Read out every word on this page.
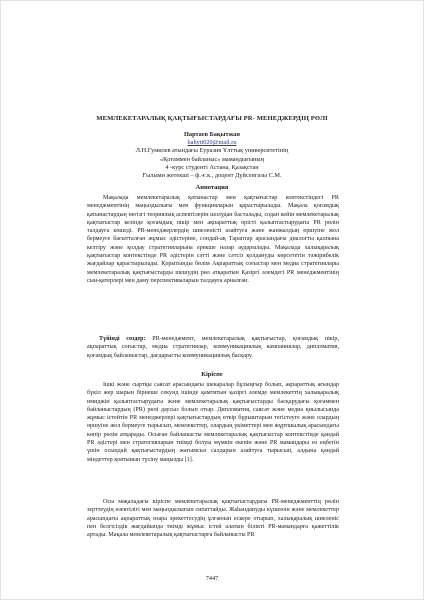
МЕМЛЕКЕТАРАЛЫҚ ҚАҚТЫҒЫСТАРДАҒЫ PR- МЕНЕДЖЕРДІҢ РӨЛІ
Нартаев Бақытжан
bahytt020@mail.ru
Л.Н.Гумилев атындағы Еуразия Ұлттық университетінің
«Қоғаммен байланыс» мамандығының
4 -курс студенті Астана, Қазақстан
Ғылыми жетекші – ф.-ғ.к., доцент Дүйсенгазы С.М.
Аннотация

Мақалада мемлекетаралық қатынастар мен қақтығыстар контекстіндегі PR менеджментінің маңыздылығы мен функцияларын қарастырылады. Мақала қоғамдық қатынастардың негізгі теориялық аспектілерін шолудан басталады, содан кейін мемлекетаралық қақтығыстар кезінде қоғамдық пікір мен ақпараттық өрісті қалыптастырудағы PR рөлін талдауға көшеді. PR-менеджерлердің шиеленісті азайтуға және жанжалдың өршуіне жол бермеуге бағытталған жұмыс әдістеріне, сондай-ақ Тараптар арасындағы диалогты қалпына келтіру және қолдау стратегияларына ерекше назар аударылады. Мақалада халықаралық қақтығыстар контекстінде PR әдістерін сәтті және сәтсіз қолдануды көрсететін тәжірибелік жағдайлар қарастырылады. Қорытынды бөлім Ақпараттық соғыстар мен медиа стратегиялары мемлекетаралық қақтығыстарды шешудің рөл атқаратын Қазіргі әлемдегі PR менеджментінің сын-қатерлері мен даму перспективаларын талдауға арналған.

Түйінді сөздер: PR-менеджмент, мемлекетаралық қақтығыстар, қоғамдық пікір, ақпараттық соғыстар, медиа стратегиялар, коммуникациялық кампаниялар, дипломатия, қоғамдық байланыстар, дағдарысты коммуникациялық басқару.

Кіріспе

Ішкі және сыртқы саясат арасындағы шекаралар бұлыңғыр болып, ақпараттық ағындар бүкіл жер шарын бірнеше секунд ішінде қамтитын қазіргі әлемде мемлекеттің халықаралық имиджін қалыптастырудағы және мемлекетаралық қақтығыстарды басқарудағы қоғаммен байланыстардың (PR) рөлі даусыз болып отыр. Дипломатия, саясат және медиа қиылысында жұмыс істейтін PR менеджерлері қақтығыстардың өткір бұрыштарын тегістеуге және олардың өршуіне жол бермеуге тырысып, мемлекеттер, олардың үкіметтері мен жұртшылық арасындағы көпір рөлін атқарады. Осыған байланысты мемлекетаралық қақтығыстар контекстінде қандай PR әдістері мен стратегияларын тиімді болуы мүмкін екенін және PR мамандары өз еңбегін үшін осындай қақтығыстардың жағымсыз салдарын азайтуға тырысып, алдына қандай міндеттер қоятынын түсіну маңызды [1].

Осы мақаладағы кіріспе мемлекетаралық қақтығыстардағы PR-менеджменттің рөлін зерттеудің өзектілігі мен маңыздылығын сипаттайды. Жаһандануды күшеюін және мемлекеттер арасындағы ақпараттық өзара әрекеттесудің ұлғаюын ескере отырып, халықаралық шиеленіс пен белгісіздік жағдайында тиімді жұмыс істей алатын білікті PR-мамандарға қажеттілік артады. Мақала мемлекетаралық қақтығыстарға байланысты PR

7447
